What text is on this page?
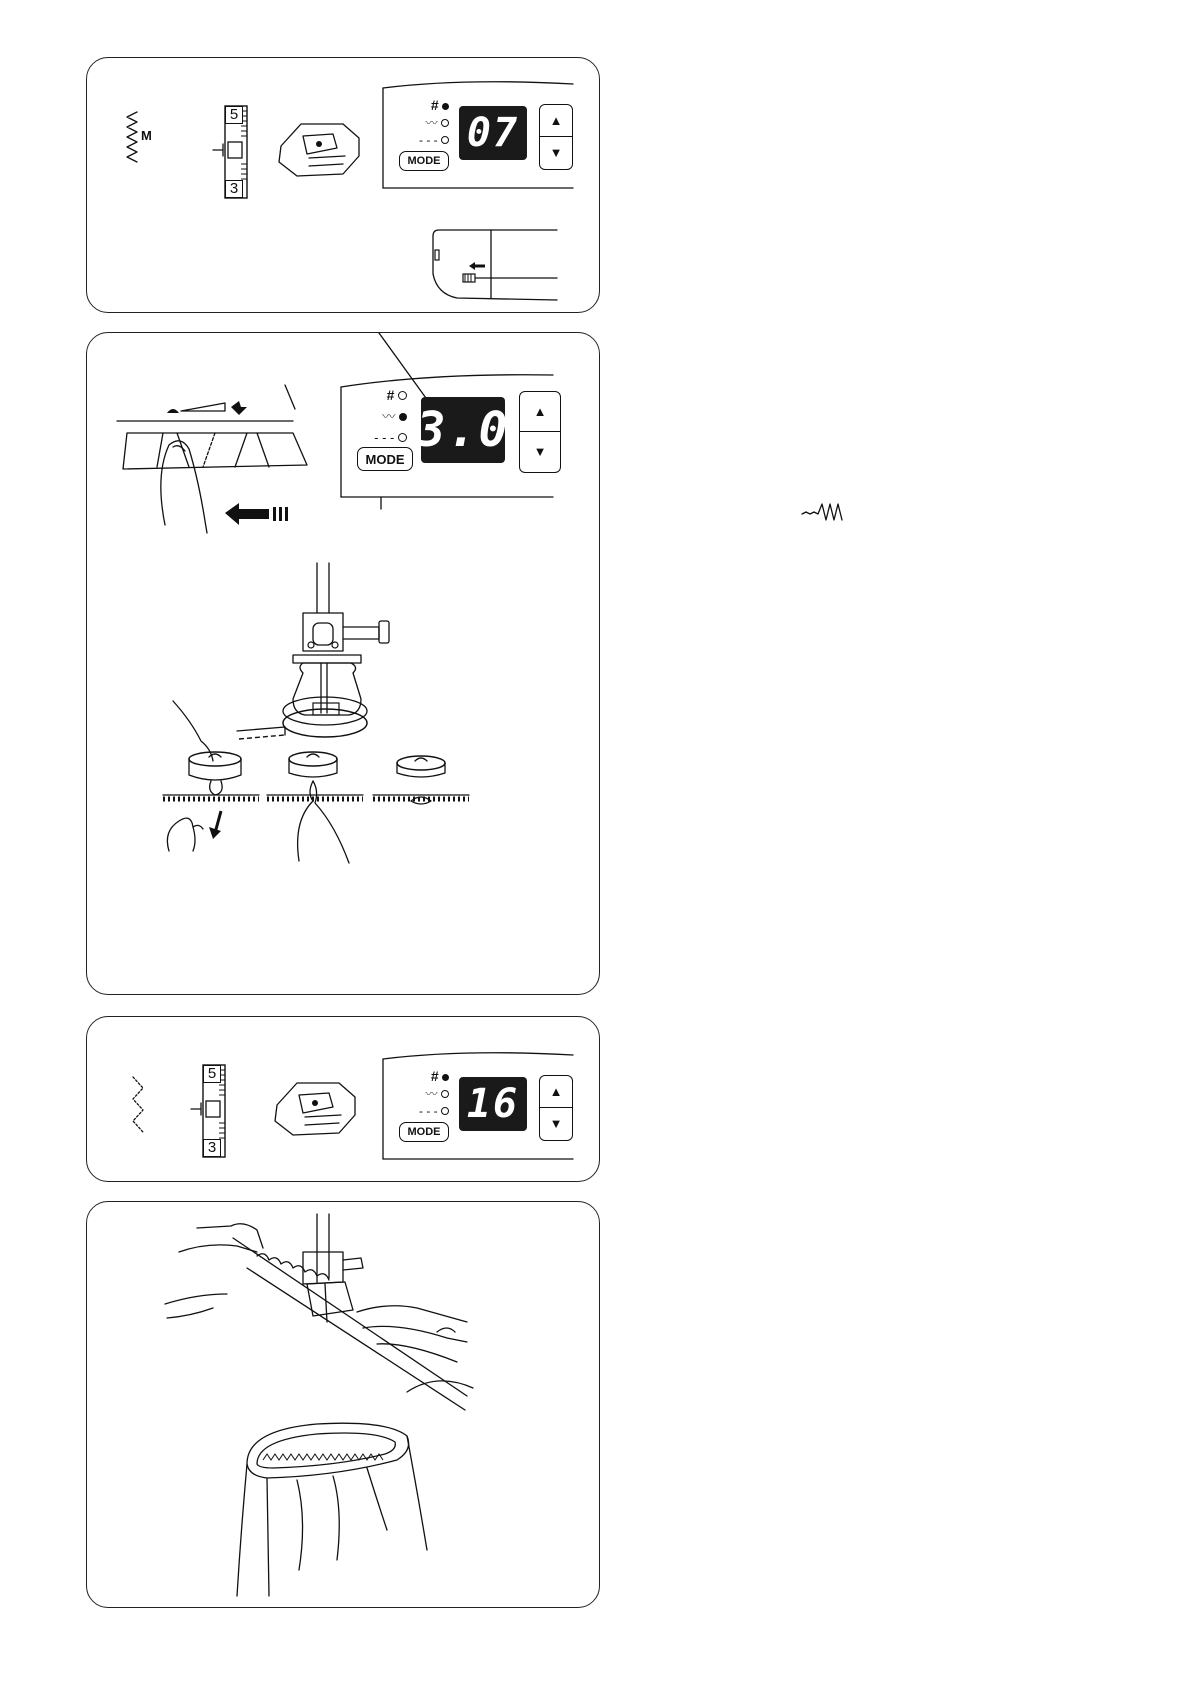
M
5
3
#
〰
- - -
MODE
07	▲
▼
#
〰
- - -
MODE
3.0	▲
▼
5
3
#
〰
- - -
MODE
16	▲
▼
